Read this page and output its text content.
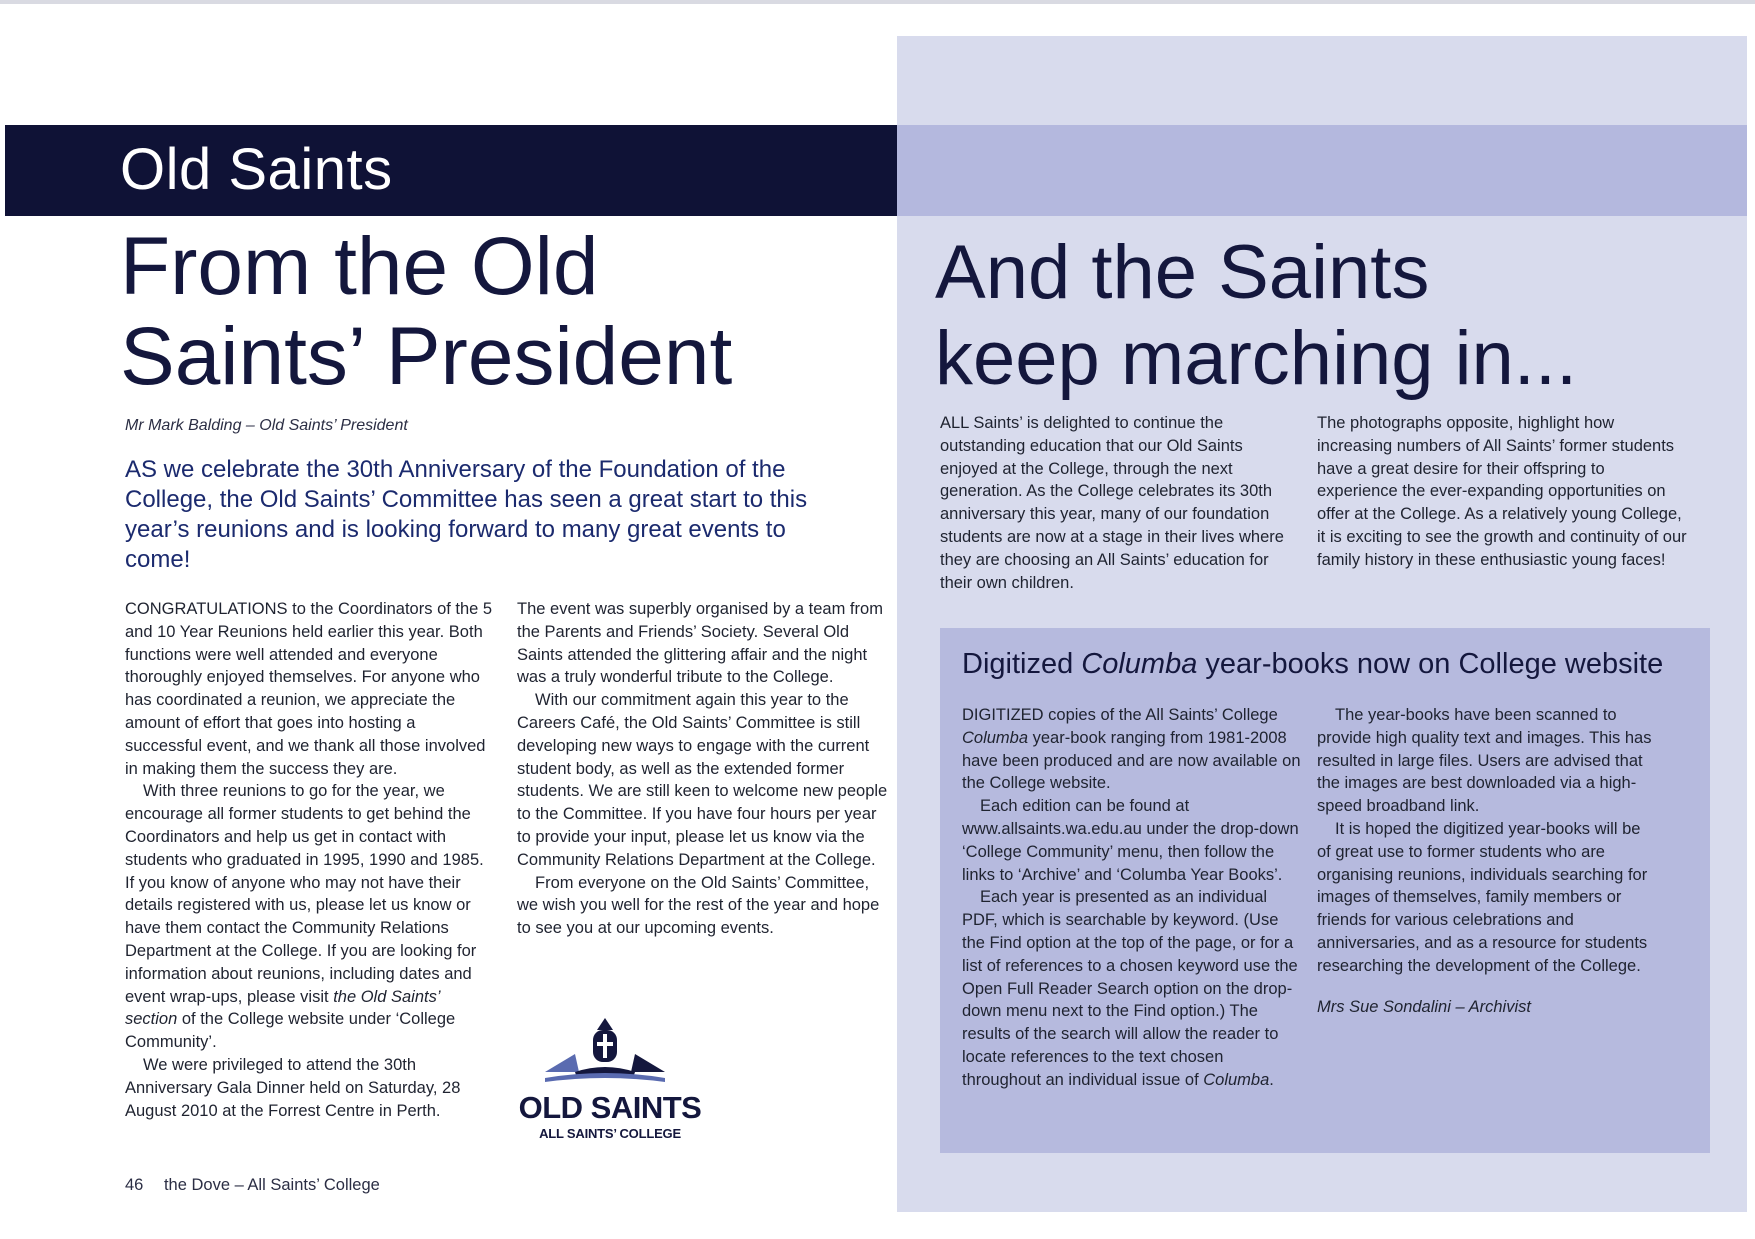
Old Saints
From the Old
Saints’ President
Mr Mark Balding – Old Saints’ President

AS we celebrate the 30th Anniversary of the Foundation of the College, the Old Saints’ Committee has seen a great start to this year’s reunions and is looking forward to many great events to come!

CONGRATULATIONS to the Coordinators of the 5 and 10 Year Reunions held earlier this year. Both functions were well attended and everyone thoroughly enjoyed themselves. For anyone who has coordinated a reunion, we appreciate the amount of effort that goes into hosting a successful event, and we thank all those involved in making them the success they are.

With three reunions to go for the year, we encourage all former students to get behind the Coordinators and help us get in contact with students who graduated in 1995, 1990 and 1985. If you know of anyone who may not have their details registered with us, please let us know or have them contact the Community Relations Department at the College. If you are looking for information about reunions, including dates and event wrap-ups, please visit the Old Saints’ section of the College website under ‘College Community’.

We were privileged to attend the 30th Anniversary Gala Dinner held on Saturday, 28 August 2010 at the Forrest Centre in Perth.

The event was superbly organised by a team from the Parents and Friends’ Society. Several Old Saints attended the glittering affair and the night was a truly wonderful tribute to the College.

With our commitment again this year to the Careers Café, the Old Saints’ Committee is still developing new ways to engage with the current student body, as well as the extended former students. We are still keen to welcome new people to the Committee. If you have four hours per year to provide your input, please let us know via the Community Relations Department at the College.

From everyone on the Old Saints’ Committee, we wish you well for the rest of the year and hope to see you at our upcoming events.

OLD SAINTS
ALL SAINTS’ COLLEGE
46 the Dove – All Saints’ College
And the Saints
keep marching in...

ALL Saints’ is delighted to continue the outstanding education that our Old Saints enjoyed at the College, through the next generation. As the College celebrates its 30th anniversary this year, many of our foundation students are now at a stage in their lives where they are choosing an All Saints’ education for their own children.

The photographs opposite, highlight how increasing numbers of All Saints’ former students have a great desire for their offspring to experience the ever-expanding opportunities on offer at the College. As a relatively young College, it is exciting to see the growth and continuity of our family history in these enthusiastic young faces!

Digitized Columba year-books now on College website

DIGITIZED copies of the All Saints’ College Columba year-book ranging from 1981-2008 have been produced and are now available on the College website.

Each edition can be found at www.allsaints.wa.edu.au under the drop-down ‘College Community’ menu, then follow the links to ‘Archive’ and ‘Columba Year Books’.

Each year is presented as an individual PDF, which is searchable by keyword. (Use the Find option at the top of the page, or for a list of references to a chosen keyword use the Open Full Reader Search option on the drop-down menu next to the Find option.) The results of the search will allow the reader to locate references to the text chosen throughout an individual issue of Columba.

The year-books have been scanned to provide high quality text and images. This has resulted in large files. Users are advised that the images are best downloaded via a high-speed broadband link.

It is hoped the digitized year-books will be of great use to former students who are organising reunions, individuals searching for images of themselves, family members or friends for various celebrations and anniversaries, and as a resource for students researching the development of the College.

Mrs Sue Sondalini – Archivist
